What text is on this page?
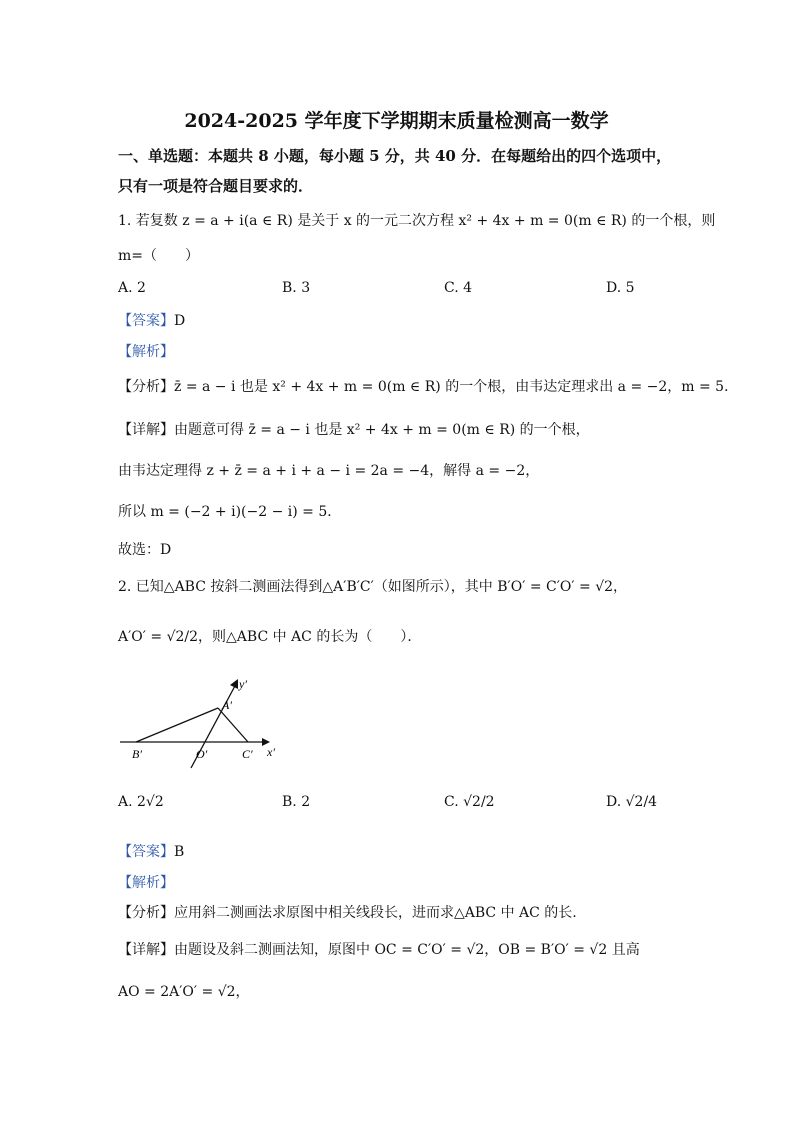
2024-2025 学年度下学期期末质量检测高一数学
一、单选题：本题共 8 小题，每小题 5 分，共 40 分．在每题给出的四个选项中，
只有一项是符合题目要求的．
1. 若复数 z = a + i(a ∈ R) 是关于 x 的一元二次方程 x² + 4x + m = 0(m ∈ R) 的一个根，则
m=（　　）
A. 2	B. 3	C. 4	D. 5
【答案】D
【解析】
【分析】z̄ = a − i 也是 x² + 4x + m = 0(m ∈ R) 的一个根，由韦达定理求出 a = −2，m = 5．
【详解】由题意可得 z̄ = a − i 也是 x² + 4x + m = 0(m ∈ R) 的一个根，
由韦达定理得 z + z̄ = a + i + a − i = 2a = −4，解得 a = −2，
所以 m = (−2 + i)(−2 − i) = 5．
故选：D
2. 已知△ABC 按斜二测画法得到△A′B′C′（如图所示），其中 B′O′ = C′O′ = √2，
A′O′ = √2/2，则△ABC 中 AC 的长为（　　）．
y′
A′
B′	O′	C′ x′
A. 2√2	B. 2	C. √2/2	D. √2/4
【答案】B
【解析】
【分析】应用斜二测画法求原图中相关线段长，进而求△ABC 中 AC 的长.
【详解】由题设及斜二测画法知，原图中 OC = C′O′ = √2，OB = B′O′ = √2 且高
AO = 2A′O′ = √2，
